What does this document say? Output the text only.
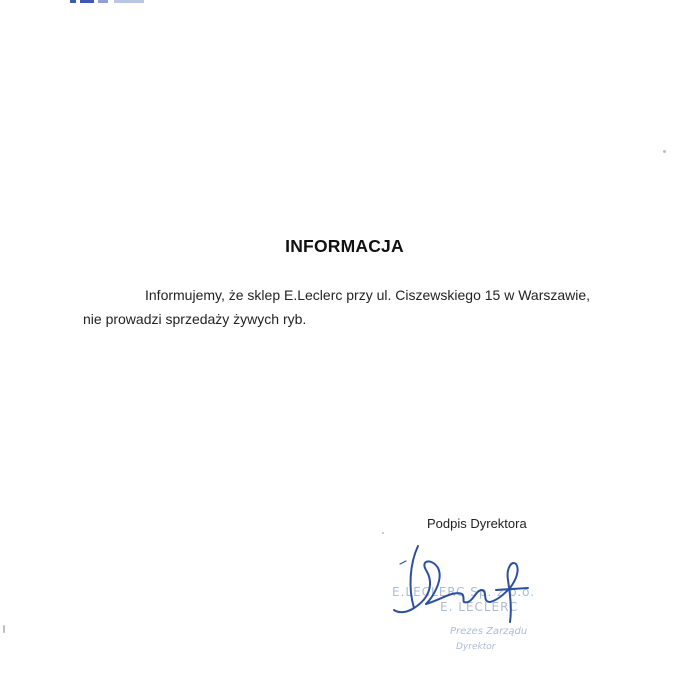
INFORMACJA
Informujemy, że sklep E.Leclerc przy ul. Ciszewskiego 15 w Warszawie,
nie prowadzi sprzedaży żywych ryb.
Podpis Dyrektora
E.LECLERC Sp. z o.o.
E. LECLERC
Prezes Zarządu
Dyrektor
